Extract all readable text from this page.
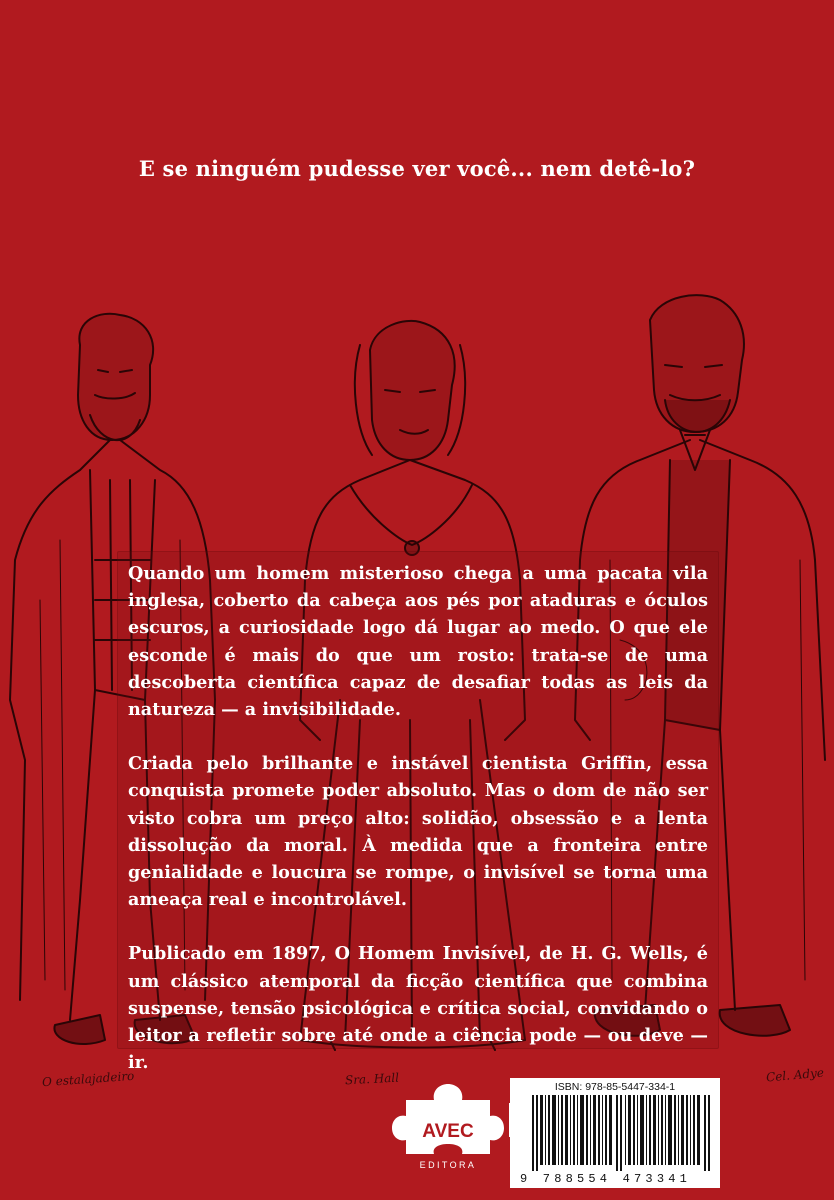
E se ninguém pudesse ver você... nem detê-lo?

Quando um homem misterioso chega a uma pacata vila inglesa, coberto da cabeça aos pés por ataduras e óculos escuros, a curiosidade logo dá lugar ao medo. O que ele esconde é mais do que um rosto: trata-se de uma descoberta científica capaz de desafiar todas as leis da natureza — a invisibilidade.

Criada pelo brilhante e instável cientista Griffin, essa conquista promete poder absoluto. Mas o dom de não ser visto cobra um preço alto: solidão, obsessão e a lenta dissolução da moral. À medida que a fronteira entre genialidade e loucura se rompe, o invisível se torna uma ameaça real e incontrolável.

Publicado em 1897, O Homem Invisível, de H. G. Wells, é um clássico atemporal da ficção científica que combina suspense, tensão psicológica e crítica social, convidando o leitor a refletir sobre até onde a ciência pode — ou deve — ir.

O estalajadeiro	Sra. Hall	Cel. Adye
AVEC
EDITORA
ISBN: 978-85-5447-334-1
9 788554 473341
